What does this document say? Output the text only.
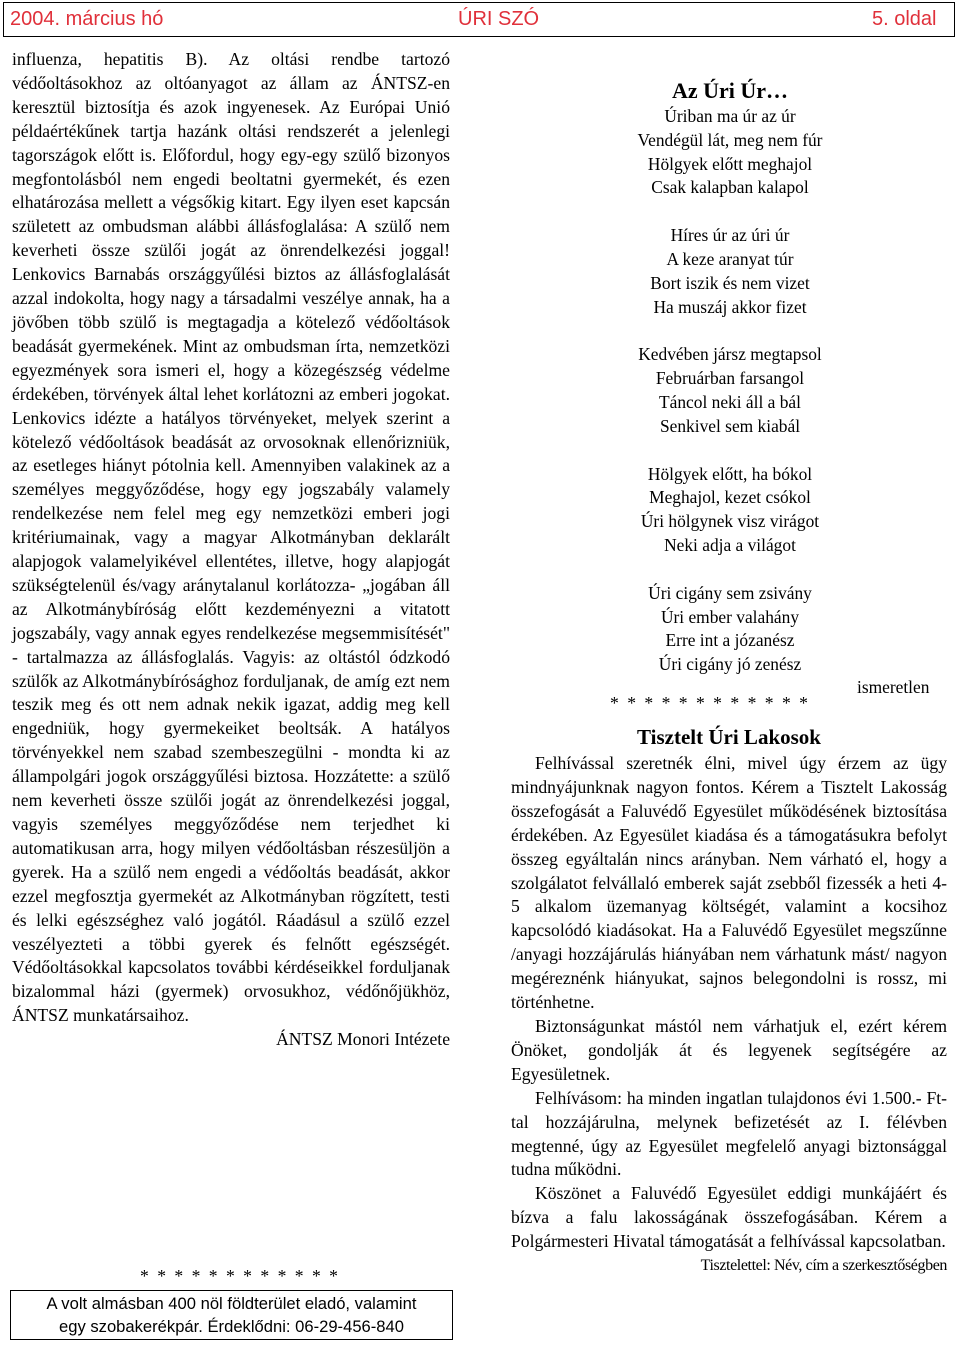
2004. március hó	ÚRI SZÓ	5. oldal

influenza, hepatitis B). Az oltási rendbe tartozó védőoltásokhoz az oltóanyagot az állam az ÁNTSZ-en keresztül biztosítja és azok ingyenesek. Az Európai Unió példaértékűnek tartja hazánk oltási rendszerét a jelenlegi tagországok előtt is. Előfordul, hogy egy-egy szülő bizonyos megfontolásból nem engedi beoltatni gyermekét, és ezen elhatározása mellett a végsőkig kitart. Egy ilyen eset kapcsán született az ombudsman alábbi állásfoglalása: A szülő nem keverheti össze szülői jogát az önrendelkezési joggal! Lenkovics Barnabás országgyűlési biztos az állásfoglalását azzal indokolta, hogy nagy a társadalmi veszélye annak, ha a jövőben több szülő is megtagadja a kötelező védőoltások beadását gyermekének. Mint az ombudsman írta, nemzetközi egyezmények sora ismeri el, hogy a közegészség védelme érdekében, törvények által lehet korlátozni az emberi jogokat. Lenkovics idézte a hatályos törvényeket, melyek szerint a kötelező védőoltások beadását az orvosoknak ellenőrizniük, az esetleges hiányt pótolnia kell. Amennyiben valakinek az a személyes meggyőződése, hogy egy jogszabály valamely rendelkezése nem felel meg egy nemzetközi emberi jogi kritériumainak, vagy a magyar Alkotmányban deklarált alapjogok valamelyikével ellentétes, illetve, hogy alapjogát szükségtelenül és/vagy aránytalanul korlátozza- „jogában áll az Alkotmánybíróság előtt kezdeményezni a vitatott jogszabály, vagy annak egyes rendelkezése megsemmisítését" - tartalmazza az állásfoglalás. Vagyis: az oltástól ódzkodó szülők az Alkotmánybírósághoz forduljanak, de amíg ezt nem teszik meg és ott nem adnak nekik igazat, addig meg kell engedniük, hogy gyermekeiket beoltsák. A hatályos törvényekkel nem szabad szembeszegülni - mondta ki az állampolgári jogok országgyűlési biztosa. Hozzátette: a szülő nem keverheti össze szülői jogát az önrendelkezési joggal, vagyis személyes meggyőződése nem terjedhet ki automatikusan arra, hogy milyen védőoltásban részesüljön a gyerek. Ha a szülő nem engedi a védőoltás beadását, akkor ezzel megfosztja gyermekét az Alkotmányban rögzített, testi és lelki egészséghez való jogától. Ráadásul a szülő ezzel veszélyezteti a többi gyerek és felnőtt egészségét. Védőoltásokkal kapcsolatos további kérdéseikkel forduljanak bizalommal házi (gyermek) orvosukhoz, védőnőjükhöz, ÁNTSZ munkatársaihoz.

ÁNTSZ Monori Intézete

* * * * * * * * * * * *
A volt almásban 400 nöl földterület eladó, valamint
egy szobakerékpár. Érdeklődni: 06-29-456-840
Az Úri Úr…
Úriban ma úr az úr
Vendégül lát, meg nem fúr
Hölgyek előtt meghajol
Csak kalapban kalapol
Híres úr az úri úr
A keze aranyat túr
Bort iszik és nem vizet
Ha muszáj akkor fizet
Kedvében jársz megtapsol
Februárban farsangol
Táncol neki áll a bál
Senkivel sem kiabál
Hölgyek előtt, ha bókol
Meghajol, kezet csókol
Úri hölgynek visz virágot
Neki adja a világot
Úri cigány sem zsivány
Úri ember valahány
Erre int a józanész
Úri cigány jó zenész
ismeretlen
* * * * * * * * * * * *
Tisztelt Úri Lakosok

Felhívással szeretnék élni, mivel úgy érzem az ügy mindnyájunknak nagyon fontos. Kérem a Tisztelt Lakosság összefogását a Faluvédő Egyesület működésének biztosítása érdekében. Az Egyesület kiadása és a támogatásukra befolyt összeg egyáltalán nincs arányban. Nem várható el, hogy a szolgálatot felvállaló emberek saját zsebből fizessék a heti 4-5 alkalom üzemanyag költségét, valamint a kocsihoz kapcsolódó kiadásokat. Ha a Faluvédő Egyesület megszűnne /anyagi hozzájárulás hiányában nem várhatunk mást/ nagyon megéreznénk hiányukat, sajnos belegondolni is rossz, mi történhetne.

Biztonságunkat mástól nem várhatjuk el, ezért kérem Önöket, gondolják át és legyenek segítségére az Egyesületnek.

Felhívásom: ha minden ingatlan tulajdonos évi 1.500.- Ft-tal hozzájárulna, melynek befizetését az I. félévben megtenné, úgy az Egyesület megfelelő anyagi biztonsággal tudna működni.

Köszönet a Faluvédő Egyesület eddigi munkájáért és bízva a falu lakosságának összefogásában. Kérem a Polgármesteri Hivatal támogatását a felhívással kapcsolatban.

Tisztelettel: Név, cím a szerkesztőségben
